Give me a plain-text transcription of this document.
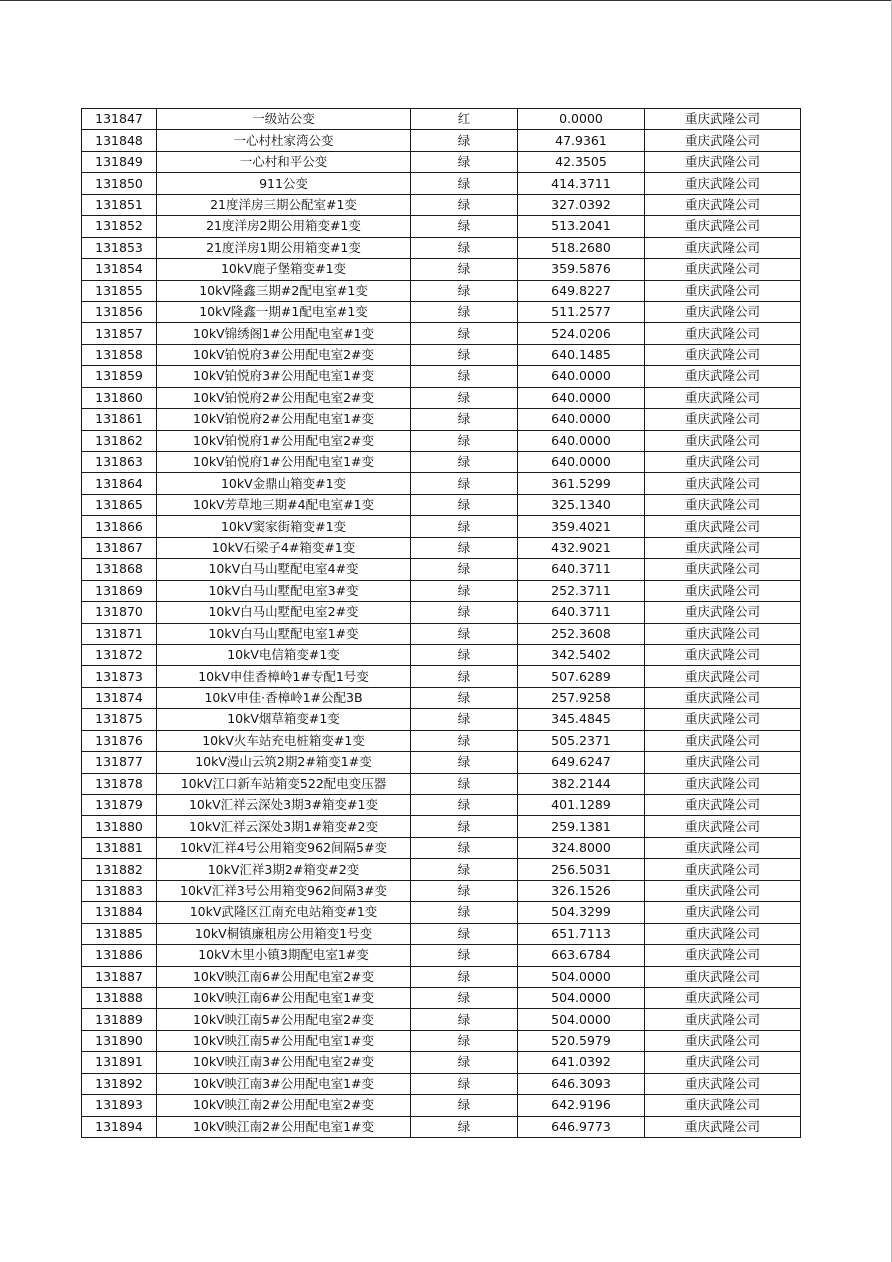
131847	一级站公变	红	0.0000	重庆武隆公司
131848	一心村杜家湾公变	绿	47.9361	重庆武隆公司
131849	一心村和平公变	绿	42.3505	重庆武隆公司
131850	911公变	绿	414.3711	重庆武隆公司
131851	21度洋房三期公配室#1变	绿	327.0392	重庆武隆公司
131852	21度洋房2期公用箱变#1变	绿	513.2041	重庆武隆公司
131853	21度洋房1期公用箱变#1变	绿	518.2680	重庆武隆公司
131854	10kV鹿子堡箱变#1变	绿	359.5876	重庆武隆公司
131855	10kV隆鑫三期#2配电室#1变	绿	649.8227	重庆武隆公司
131856	10kV隆鑫一期#1配电室#1变	绿	511.2577	重庆武隆公司
131857	10kV锦绣阁1#公用配电室#1变	绿	524.0206	重庆武隆公司
131858	10kV铂悦府3#公用配电室2#变	绿	640.1485	重庆武隆公司
131859	10kV铂悦府3#公用配电室1#变	绿	640.0000	重庆武隆公司
131860	10kV铂悦府2#公用配电室2#变	绿	640.0000	重庆武隆公司
131861	10kV铂悦府2#公用配电室1#变	绿	640.0000	重庆武隆公司
131862	10kV铂悦府1#公用配电室2#变	绿	640.0000	重庆武隆公司
131863	10kV铂悦府1#公用配电室1#变	绿	640.0000	重庆武隆公司
131864	10kV金鼎山箱变#1变	绿	361.5299	重庆武隆公司
131865	10kV芳草地三期#4配电室#1变	绿	325.1340	重庆武隆公司
131866	10kV窦家街箱变#1变	绿	359.4021	重庆武隆公司
131867	10kV石梁子4#箱变#1变	绿	432.9021	重庆武隆公司
131868	10kV白马山墅配电室4#变	绿	640.3711	重庆武隆公司
131869	10kV白马山墅配电室3#变	绿	252.3711	重庆武隆公司
131870	10kV白马山墅配电室2#变	绿	640.3711	重庆武隆公司
131871	10kV白马山墅配电室1#变	绿	252.3608	重庆武隆公司
131872	10kV电信箱变#1变	绿	342.5402	重庆武隆公司
131873	10kV申佳香樟岭1#专配1号变	绿	507.6289	重庆武隆公司
131874	10kV申佳·香樟岭1#公配3B	绿	257.9258	重庆武隆公司
131875	10kV烟草箱变#1变	绿	345.4845	重庆武隆公司
131876	10kV火车站充电桩箱变#1变	绿	505.2371	重庆武隆公司
131877	10kV漫山云筑2期2#箱变1#变	绿	649.6247	重庆武隆公司
131878	10kV江口新车站箱变522配电变压器	绿	382.2144	重庆武隆公司
131879	10kV汇祥云深处3期3#箱变#1变	绿	401.1289	重庆武隆公司
131880	10kV汇祥云深处3期1#箱变#2变	绿	259.1381	重庆武隆公司
131881	10kV汇祥4号公用箱变962间隔5#变	绿	324.8000	重庆武隆公司
131882	10kV汇祥3期2#箱变#2变	绿	256.5031	重庆武隆公司
131883	10kV汇祥3号公用箱变962间隔3#变	绿	326.1526	重庆武隆公司
131884	10kV武隆区江南充电站箱变#1变	绿	504.3299	重庆武隆公司
131885	10kV桐镇廉租房公用箱变1号变	绿	651.7113	重庆武隆公司
131886	10kV木里小镇3期配电室1#变	绿	663.6784	重庆武隆公司
131887	10kV映江南6#公用配电室2#变	绿	504.0000	重庆武隆公司
131888	10kV映江南6#公用配电室1#变	绿	504.0000	重庆武隆公司
131889	10kV映江南5#公用配电室2#变	绿	504.0000	重庆武隆公司
131890	10kV映江南5#公用配电室1#变	绿	520.5979	重庆武隆公司
131891	10kV映江南3#公用配电室2#变	绿	641.0392	重庆武隆公司
131892	10kV映江南3#公用配电室1#变	绿	646.3093	重庆武隆公司
131893	10kV映江南2#公用配电室2#变	绿	642.9196	重庆武隆公司
131894	10kV映江南2#公用配电室1#变	绿	646.9773	重庆武隆公司
